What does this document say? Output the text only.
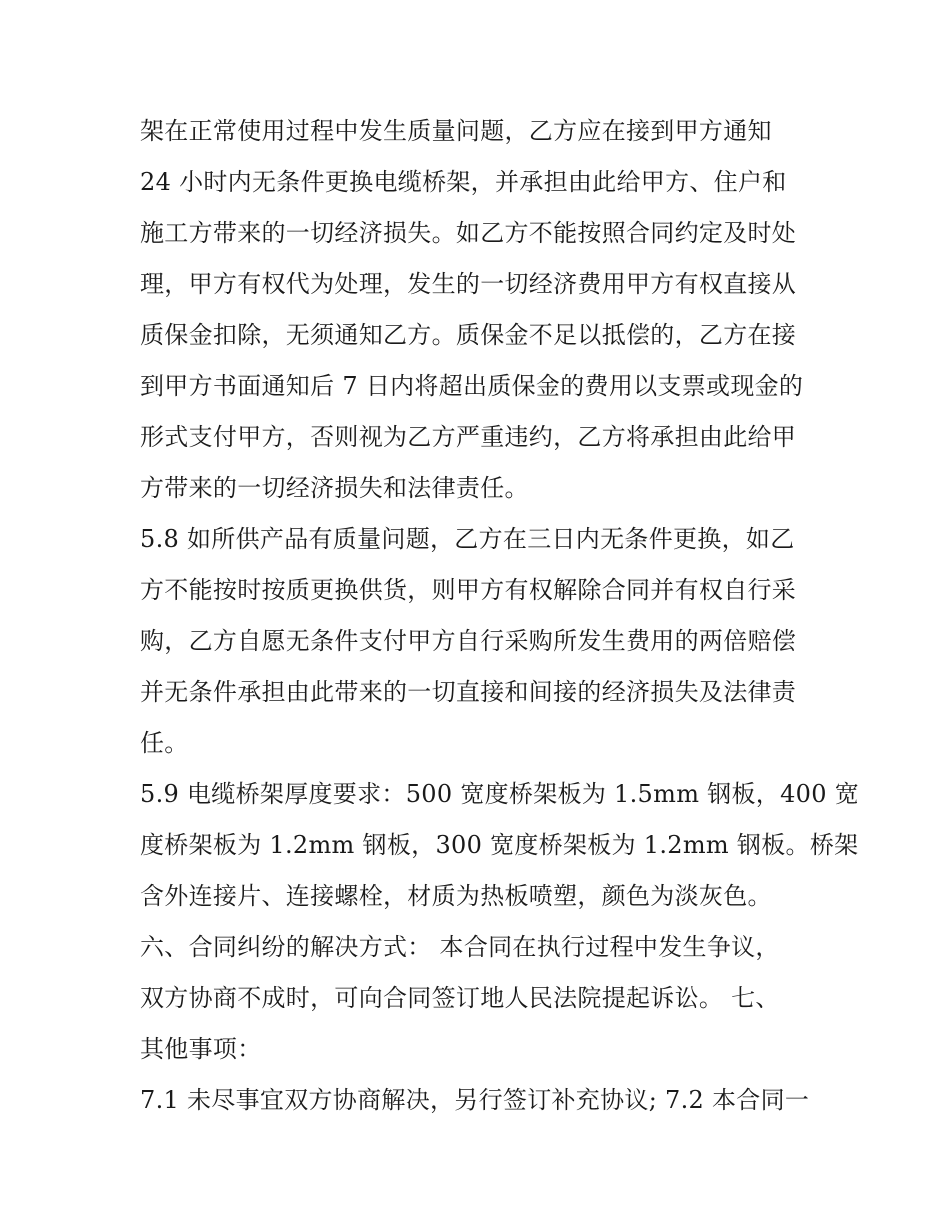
架在正常使用过程中发生质量问题，乙方应在接到甲方通知
24 小时内无条件更换电缆桥架，并承担由此给甲方、住户和
施工方带来的一切经济损失。如乙方不能按照合同约定及时处
理，甲方有权代为处理，发生的一切经济费用甲方有权直接从
质保金扣除，无须通知乙方。质保金不足以抵偿的，乙方在接
到甲方书面通知后 7 日内将超出质保金的费用以支票或现金的
形式支付甲方，否则视为乙方严重违约，乙方将承担由此给甲
方带来的一切经济损失和法律责任。
5.8 如所供产品有质量问题，乙方在三日内无条件更换，如乙
方不能按时按质更换供货，则甲方有权解除合同并有权自行采
购，乙方自愿无条件支付甲方自行采购所发生费用的两倍赔偿
并无条件承担由此带来的一切直接和间接的经济损失及法律责
任。
5.9 电缆桥架厚度要求：500 宽度桥架板为 1.5mm 钢板，400 宽
度桥架板为 1.2mm 钢板，300 宽度桥架板为 1.2mm 钢板。桥架
含外连接片、连接螺栓，材质为热板喷塑，颜色为淡灰色。
六、合同纠纷的解决方式： 本合同在执行过程中发生争议，
双方协商不成时，可向合同签订地人民法院提起诉讼。 七、
其他事项：
7.1 未尽事宜双方协商解决，另行签订补充协议; 7.2 本合同一
